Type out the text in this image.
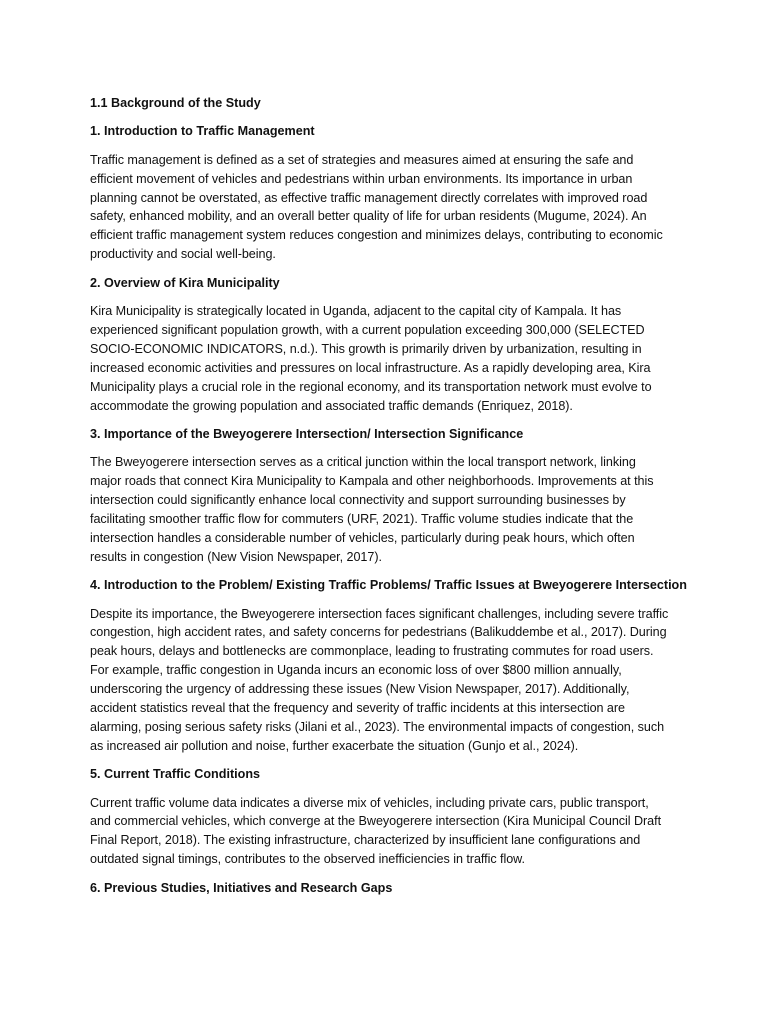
1.1 Background of the Study
1. Introduction to Traffic Management
Traffic management is defined as a set of strategies and measures aimed at ensuring the safe and
efficient movement of vehicles and pedestrians within urban environments. Its importance in urban
planning cannot be overstated, as effective traffic management directly correlates with improved road
safety, enhanced mobility, and an overall better quality of life for urban residents (Mugume, 2024). An
efficient traffic management system reduces congestion and minimizes delays, contributing to economic
productivity and social well-being.
2. Overview of Kira Municipality
Kira Municipality is strategically located in Uganda, adjacent to the capital city of Kampala. It has
experienced significant population growth, with a current population exceeding 300,000 (SELECTED
SOCIO-ECONOMIC INDICATORS, n.d.). This growth is primarily driven by urbanization, resulting in
increased economic activities and pressures on local infrastructure. As a rapidly developing area, Kira
Municipality plays a crucial role in the regional economy, and its transportation network must evolve to
accommodate the growing population and associated traffic demands (Enriquez, 2018).
3. Importance of the Bweyogerere Intersection/ Intersection Significance
The Bweyogerere intersection serves as a critical junction within the local transport network, linking
major roads that connect Kira Municipality to Kampala and other neighborhoods. Improvements at this
intersection could significantly enhance local connectivity and support surrounding businesses by
facilitating smoother traffic flow for commuters (URF, 2021). Traffic volume studies indicate that the
intersection handles a considerable number of vehicles, particularly during peak hours, which often
results in congestion (New Vision Newspaper, 2017).
4. Introduction to the Problem/ Existing Traffic Problems/ Traffic Issues at Bweyogerere Intersection
Despite its importance, the Bweyogerere intersection faces significant challenges, including severe traffic
congestion, high accident rates, and safety concerns for pedestrians (Balikuddembe et al., 2017). During
peak hours, delays and bottlenecks are commonplace, leading to frustrating commutes for road users.
For example, traffic congestion in Uganda incurs an economic loss of over $800 million annually,
underscoring the urgency of addressing these issues (New Vision Newspaper, 2017). Additionally,
accident statistics reveal that the frequency and severity of traffic incidents at this intersection are
alarming, posing serious safety risks (Jilani et al., 2023). The environmental impacts of congestion, such
as increased air pollution and noise, further exacerbate the situation (Gunjo et al., 2024).
5. Current Traffic Conditions
Current traffic volume data indicates a diverse mix of vehicles, including private cars, public transport,
and commercial vehicles, which converge at the Bweyogerere intersection (Kira Municipal Council Draft
Final Report, 2018). The existing infrastructure, characterized by insufficient lane configurations and
outdated signal timings, contributes to the observed inefficiencies in traffic flow.
6. Previous Studies, Initiatives and Research Gaps
